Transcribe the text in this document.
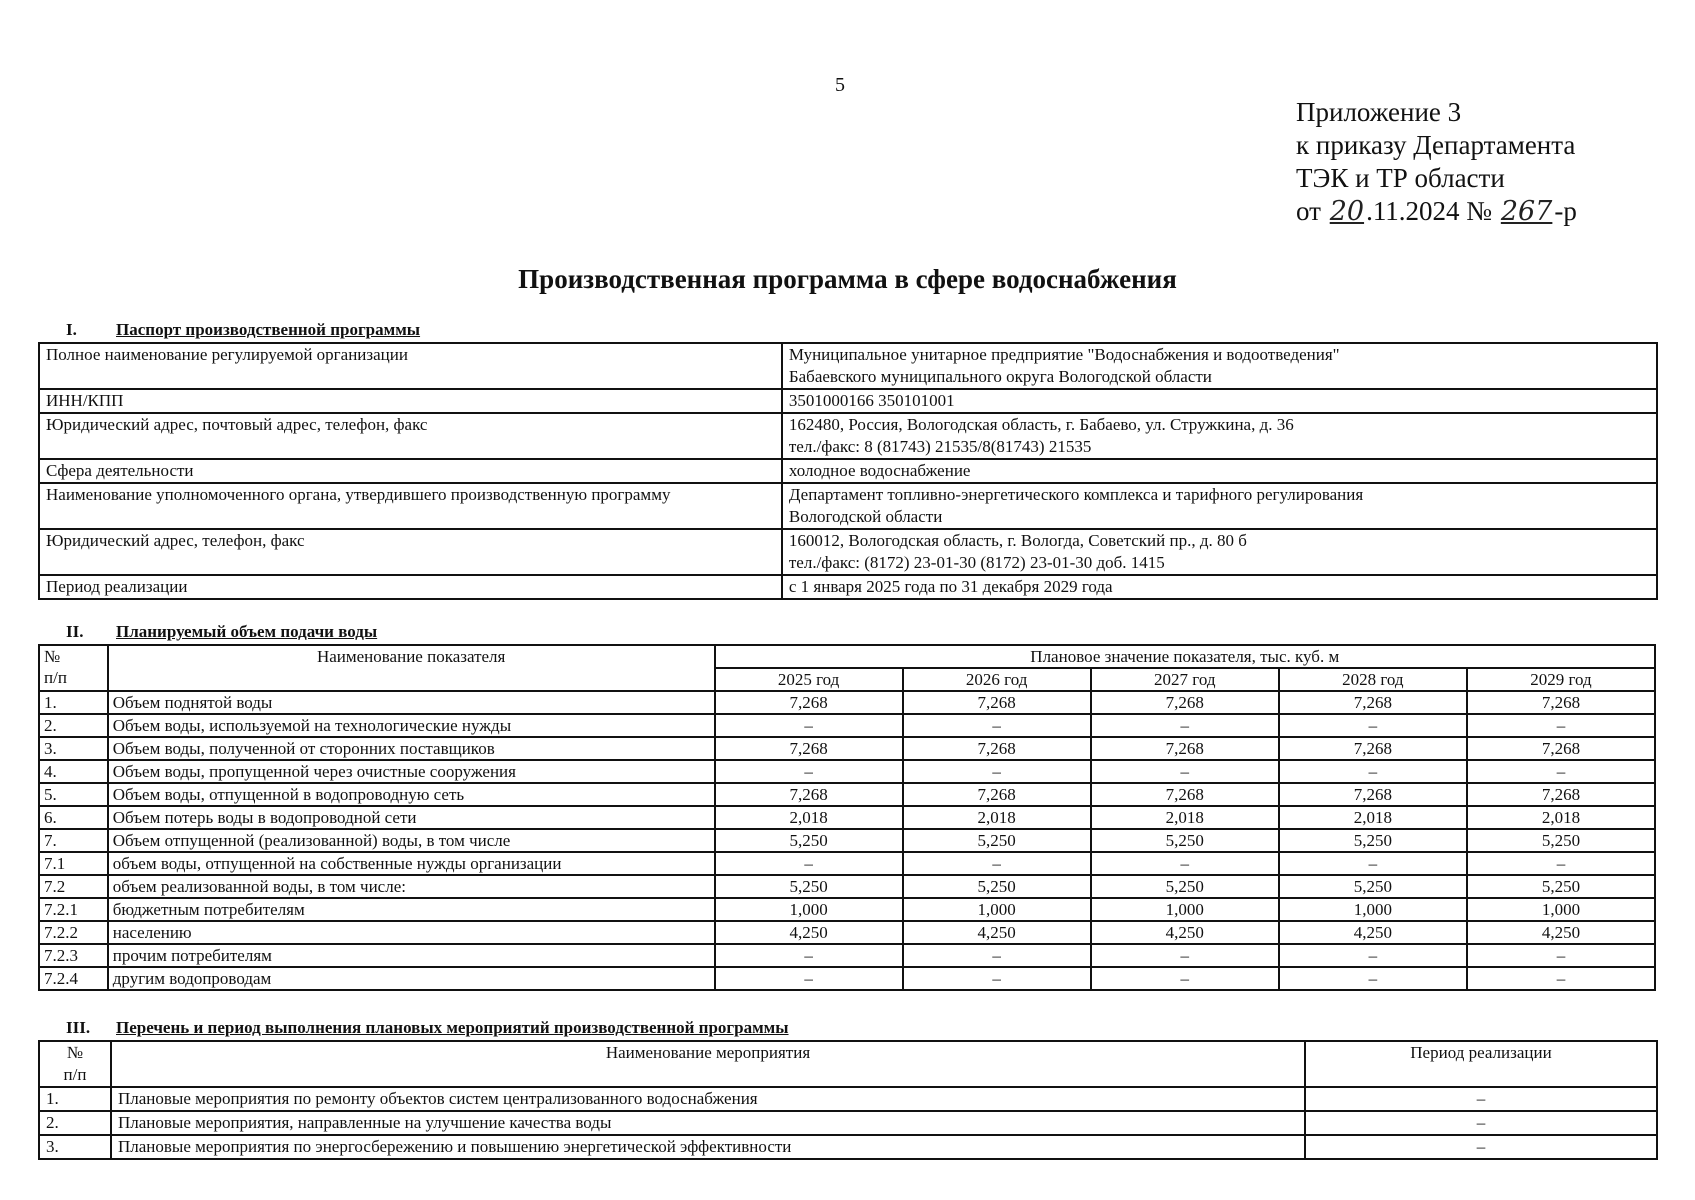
5
Приложение 3
к приказу Департамента
ТЭК и ТР области
от 20.11.2024 № 267-р
Производственная программа в сфере водоснабжения
I. Паспорт производственной программы
Полное наименование регулируемой организации	Муниципальное унитарное предприятие "Водоснабжения и водоотведения"
Бабаевского муниципального округа Вологодской области

ИНН/КПП	3501000166 350101001

Юридический адрес, почтовый адрес, телефон, факс	162480, Россия, Вологодская область, г. Бабаево, ул. Стружкина, д. 36
тел./факс: 8 (81743) 21535/8(81743) 21535

Сфера деятельности	холодное водоснабжение

Наименование уполномоченного органа, утвердившего производственную программу	Департамент топливно-энергетического комплекса и тарифного регулирования
Вологодской области

Юридический адрес, телефон, факс	160012, Вологодская область, г. Вологда, Советский пр., д. 80 б
тел./факс: (8172) 23-01-30 (8172) 23-01-30 доб. 1415

Период реализации	с 1 января 2025 года по 31 декабря 2029 года
II. Планируемый объем подачи воды
№
п/п	Наименование показателя	Плановое значение показателя, тыс. куб. м				
		2025 год	2026 год	2027 год	2028 год	2029 год
1.	Объем поднятой воды	7,268	7,268	7,268	7,268	7,268
2.	Объем воды, используемой на технологические нужды	–	–	–	–	–
3.	Объем воды, полученной от сторонних поставщиков	7,268	7,268	7,268	7,268	7,268
4.	Объем воды, пропущенной через очистные сооружения	–	–	–	–	–
5.	Объем воды, отпущенной в водопроводную сеть	7,268	7,268	7,268	7,268	7,268
6.	Объем потерь воды в водопроводной сети	2,018	2,018	2,018	2,018	2,018
7.	Объем отпущенной (реализованной) воды, в том числе	5,250	5,250	5,250	5,250	5,250
7.1	объем воды, отпущенной на собственные нужды организации	–	–	–	–	–
7.2	объем реализованной воды, в том числе:	5,250	5,250	5,250	5,250	5,250
7.2.1	бюджетным потребителям	1,000	1,000	1,000	1,000	1,000
7.2.2	населению	4,250	4,250	4,250	4,250	4,250
7.2.3	прочим потребителям	–	–	–	–	–
7.2.4	другим водопроводам	–	–	–	–	–
III. Перечень и период выполнения плановых мероприятий производственной программы
№
п/п	Наименование мероприятия	Период реализации
1.	Плановые мероприятия по ремонту объектов систем централизованного водоснабжения	–
2.	Плановые мероприятия, направленные на улучшение качества воды	–
3.	Плановые мероприятия по энергосбережению и повышению энергетической эффективности	–
